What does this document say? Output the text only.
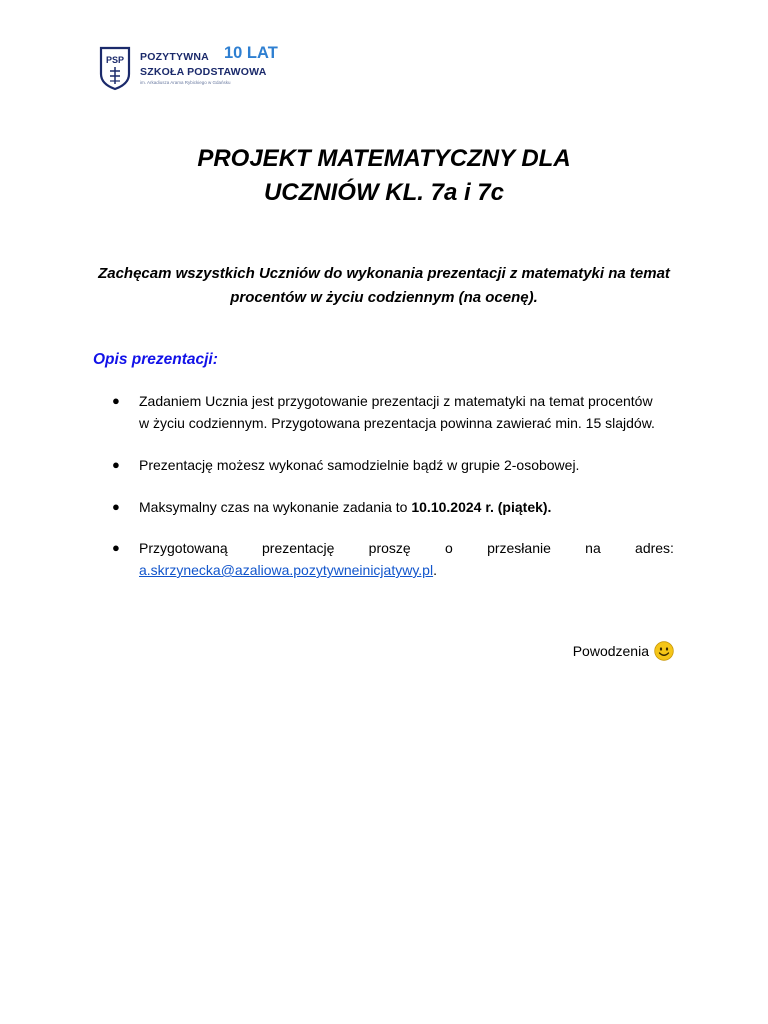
PSP POZYTYWNA 10 LAT
SZKOŁA PODSTAWOWA
im. Arkadiusza Arama Rybickiego w Gdańsku
PROJEKT MATEMATYCZNY DLA
UCZNIÓW KL. 7a i 7c
Zachęcam wszystkich Uczniów do wykonania prezentacji z matematyki na temat
procentów w życiu codziennym (na ocenę).
Opis prezentacji:
● Zadaniem Ucznia jest przygotowanie prezentacji z matematyki na temat procentów
w życiu codziennym. Przygotowana prezentacja powinna zawierać min. 15 slajdów.
● Prezentację możesz wykonać samodzielnie bądź w grupie 2-osobowej.
● Maksymalny czas na wykonanie zadania to 10.10.2024 r. (piątek).
● Przygotowaną prezentację proszę o przesłanie na adres:
a.skrzynecka@azaliowa.pozytywneinicjatywy.pl.
Powodzenia
